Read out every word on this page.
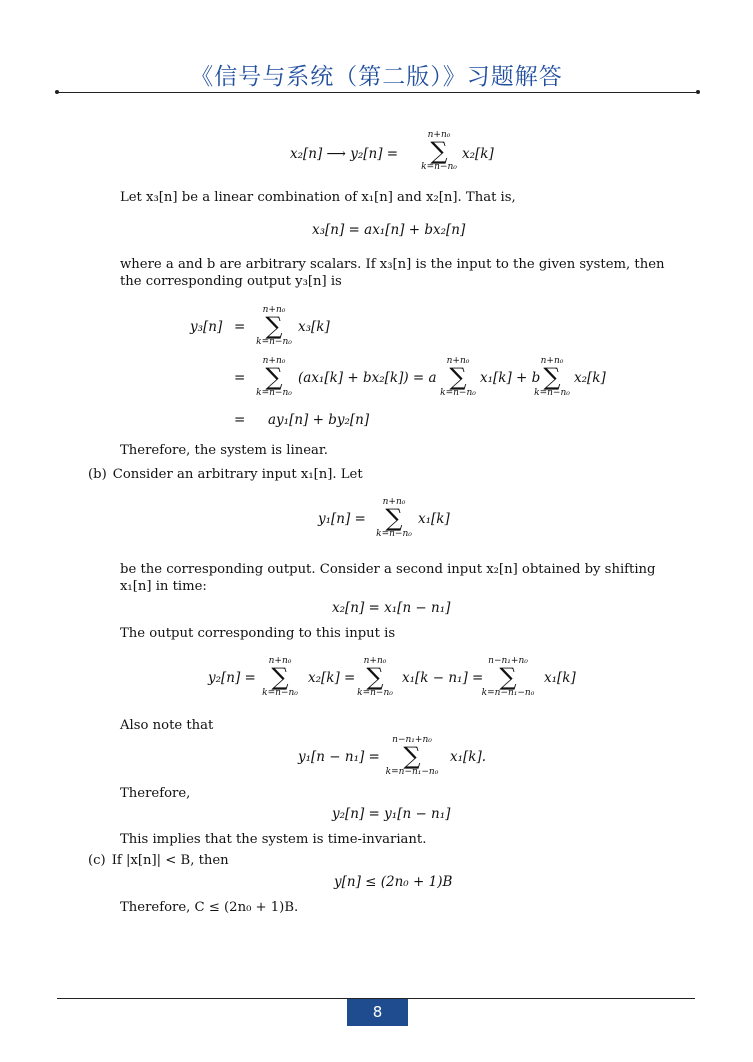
《信号与系统（第二版）》习题解答
x₂[n] ⟶ y₂[n] =
n+n₀
∑
k=n−n₀
x₂[k]
Let x₃[n] be a linear combination of x₁[n] and x₂[n]. That is,
x₃[n] = ax₁[n] + bx₂[n]
where a and b are arbitrary scalars. If x₃[n] is the input to the given system, then the corresponding output y₃[n] is
y₃[n] =
n+n₀
∑
k=n−n₀
x₃[k]
=
n+n₀
∑
k=n−n₀
(ax₁[k] + bx₂[k]) = a
n+n₀
∑
k=n−n₀
x₁[k] + b
n+n₀
∑
k=n−n₀
x₂[k]
= ay₁[n] + by₂[n]
Therefore, the system is linear.
(b) Consider an arbitrary input x₁[n]. Let
y₁[n] =
n+n₀
∑
k=n−n₀
x₁[k]
be the corresponding output. Consider a second input x₂[n] obtained by shifting x₁[n] in time:
x₂[n] = x₁[n − n₁]
The output corresponding to this input is
y₂[n] =
n+n₀
∑
k=n−n₀
x₂[k] =
n+n₀
∑
k=n−n₀
x₁[k − n₁] =
n−n₁+n₀
∑
k=n−n₁−n₀
x₁[k]
Also note that
y₁[n − n₁] =
n−n₁+n₀
∑
k=n−n₁−n₀
x₁[k].
Therefore,
y₂[n] = y₁[n − n₁]
This implies that the system is time-invariant.
(c) If |x[n]| < B, then
y[n] ≤ (2n₀ + 1)B
Therefore, C ≤ (2n₀ + 1)B.
8
